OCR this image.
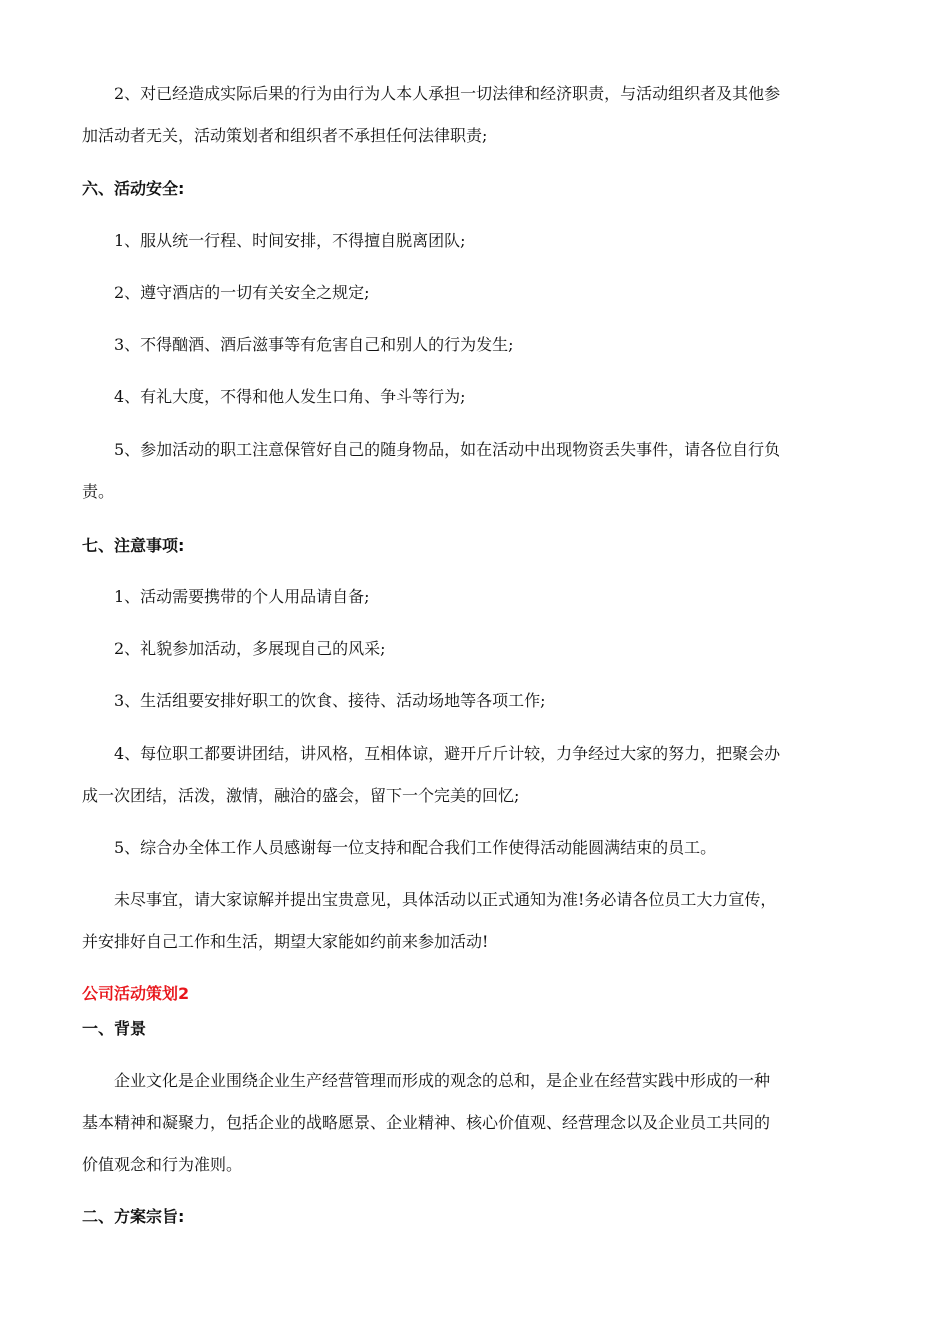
2、对已经造成实际后果的行为由行为人本人承担一切法律和经济职责，与活动组织者及其他参
加活动者无关，活动策划者和组织者不承担任何法律职责;
六、活动安全:
1、服从统一行程、时间安排，不得擅自脱离团队;
2、遵守酒店的一切有关安全之规定;
3、不得酗酒、酒后滋事等有危害自己和别人的行为发生;
4、有礼大度，不得和他人发生口角、争斗等行为;
5、参加活动的职工注意保管好自己的随身物品，如在活动中出现物资丢失事件，请各位自行负
责。
七、注意事项:
1、活动需要携带的个人用品请自备;
2、礼貌参加活动，多展现自己的风采;
3、生活组要安排好职工的饮食、接待、活动场地等各项工作;
4、每位职工都要讲团结，讲风格，互相体谅，避开斤斤计较，力争经过大家的努力，把聚会办
成一次团结，活泼，激情，融洽的盛会，留下一个完美的回忆;
5、综合办全体工作人员感谢每一位支持和配合我们工作使得活动能圆满结束的员工。
未尽事宜，请大家谅解并提出宝贵意见，具体活动以正式通知为准!务必请各位员工大力宣传，
并安排好自己工作和生活，期望大家能如约前来参加活动!
公司活动策划2
一、背景
企业文化是企业围绕企业生产经营管理而形成的观念的总和，是企业在经营实践中形成的一种
基本精神和凝聚力，包括企业的战略愿景、企业精神、核心价值观、经营理念以及企业员工共同的
价值观念和行为准则。
二、方案宗旨:
